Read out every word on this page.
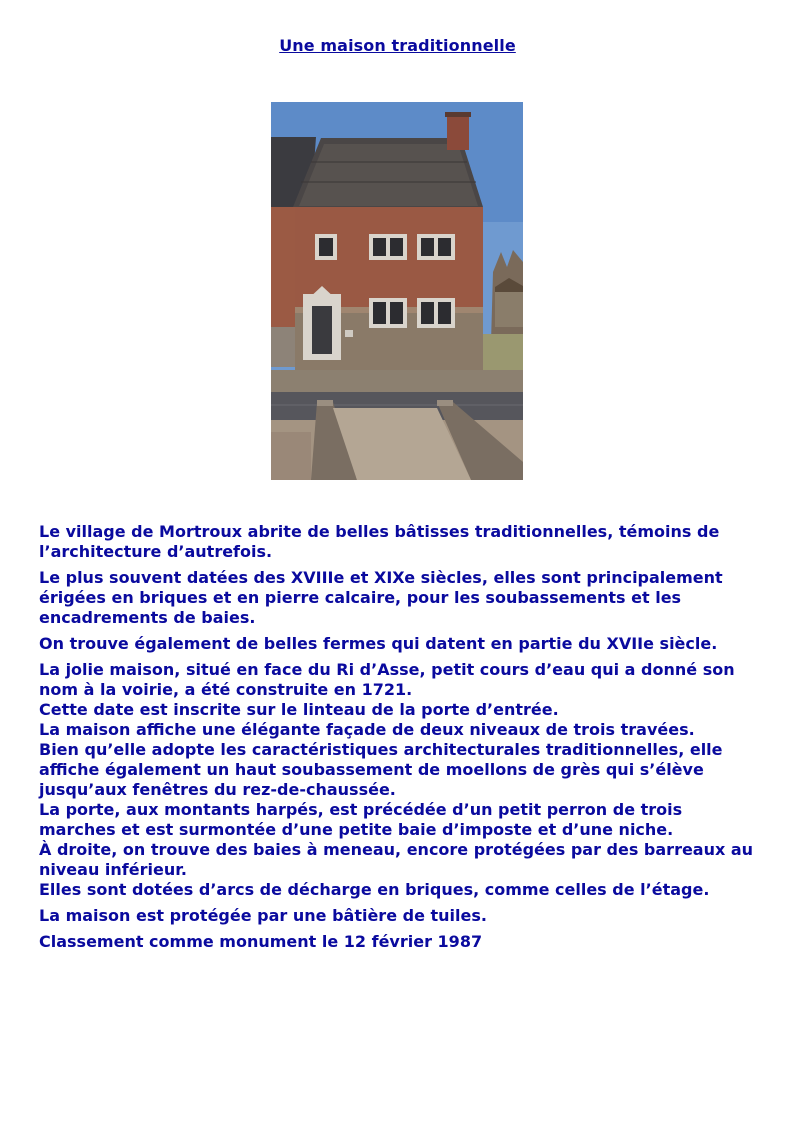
Une maison traditionnelle

Le village de Mortroux abrite de belles bâtisses traditionnelles, témoins de
l’architecture d’autrefois.

Le plus souvent datées des XVIIIe et XIXe siècles, elles sont principalement
érigées en briques et en pierre calcaire, pour les soubassements et les
encadrements de baies.

On trouve également de belles fermes qui datent en partie du XVIIe siècle.

La jolie maison, situé en face du Ri d’Asse, petit cours d’eau qui a donné son
nom à la voirie, a été construite en 1721.
Cette date est inscrite sur le linteau de la porte d’entrée.
La maison affiche une élégante façade de deux niveaux de trois travées.
Bien qu’elle adopte les caractéristiques architecturales traditionnelles, elle
affiche également un haut soubassement de moellons de grès qui s’élève
jusqu’aux fenêtres du rez-de-chaussée.
La porte, aux montants harpés, est précédée d’un petit perron de trois
marches et est surmontée d’une petite baie d’imposte et d’une niche.
À droite, on trouve des baies à meneau, encore protégées par des barreaux au
niveau inférieur.
Elles sont dotées d’arcs de décharge en briques, comme celles de l’étage.

La maison est protégée par une bâtière de tuiles.

Classement comme monument le 12 février 1987
